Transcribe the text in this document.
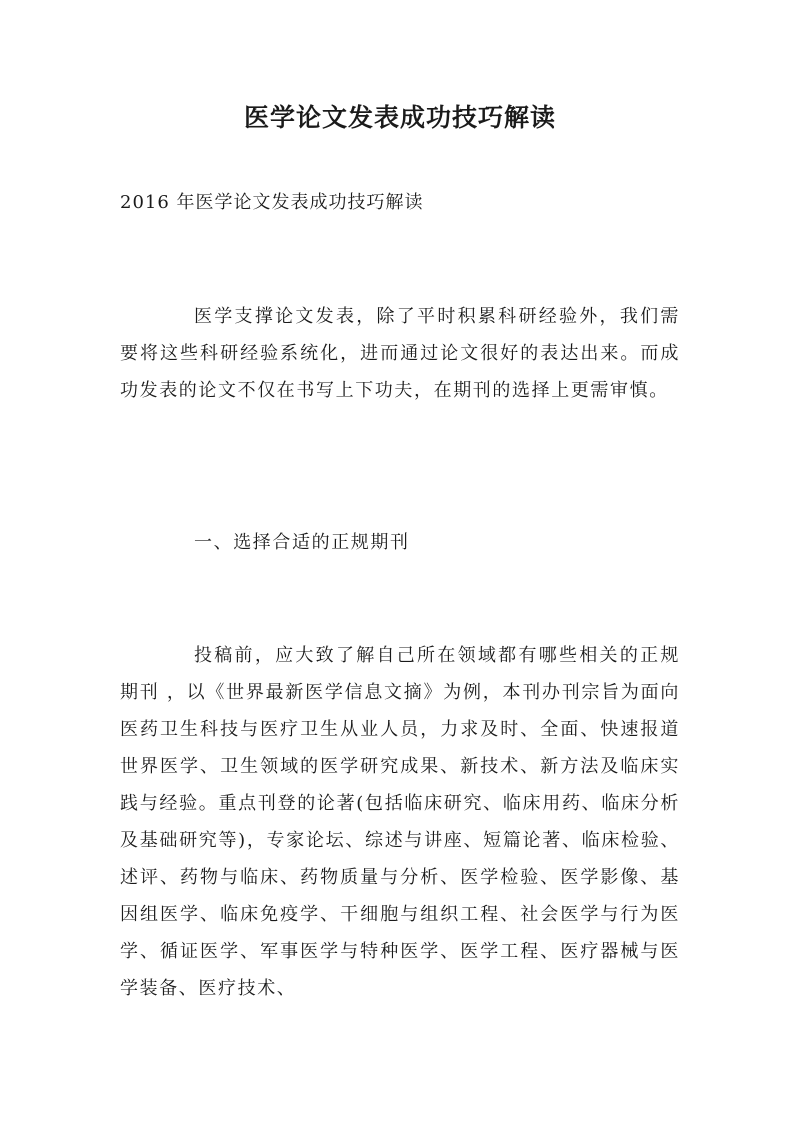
医学论文发表成功技巧解读

2016 年医学论文发表成功技巧解读

医学支撑论文发表，除了平时积累科研经验外，我们需要将这些科研经验系统化，进而通过论文很好的表达出来。而成功发表的论文不仅在书写上下功夫，在期刊的选择上更需审慎。

一、选择合适的正规期刊

投稿前，应大致了解自己所在领域都有哪些相关的正规期刊 ，以《世界最新医学信息文摘》为例，本刊办刊宗旨为面向医药卫生科技与医疗卫生从业人员，力求及时、全面、快速报道世界医学、卫生领域的医学研究成果、新技术、新方法及临床实践与经验。重点刊登的论著(包括临床研究、临床用药、临床分析及基础研究等)，专家论坛、综述与讲座、短篇论著、临床检验、述评、药物与临床、药物质量与分析、医学检验、医学影像、基因组医学、临床免疫学、干细胞与组织工程、社会医学与行为医学、循证医学、军事医学与特种医学、医学工程、医疗器械与医学装备、医疗技术、
